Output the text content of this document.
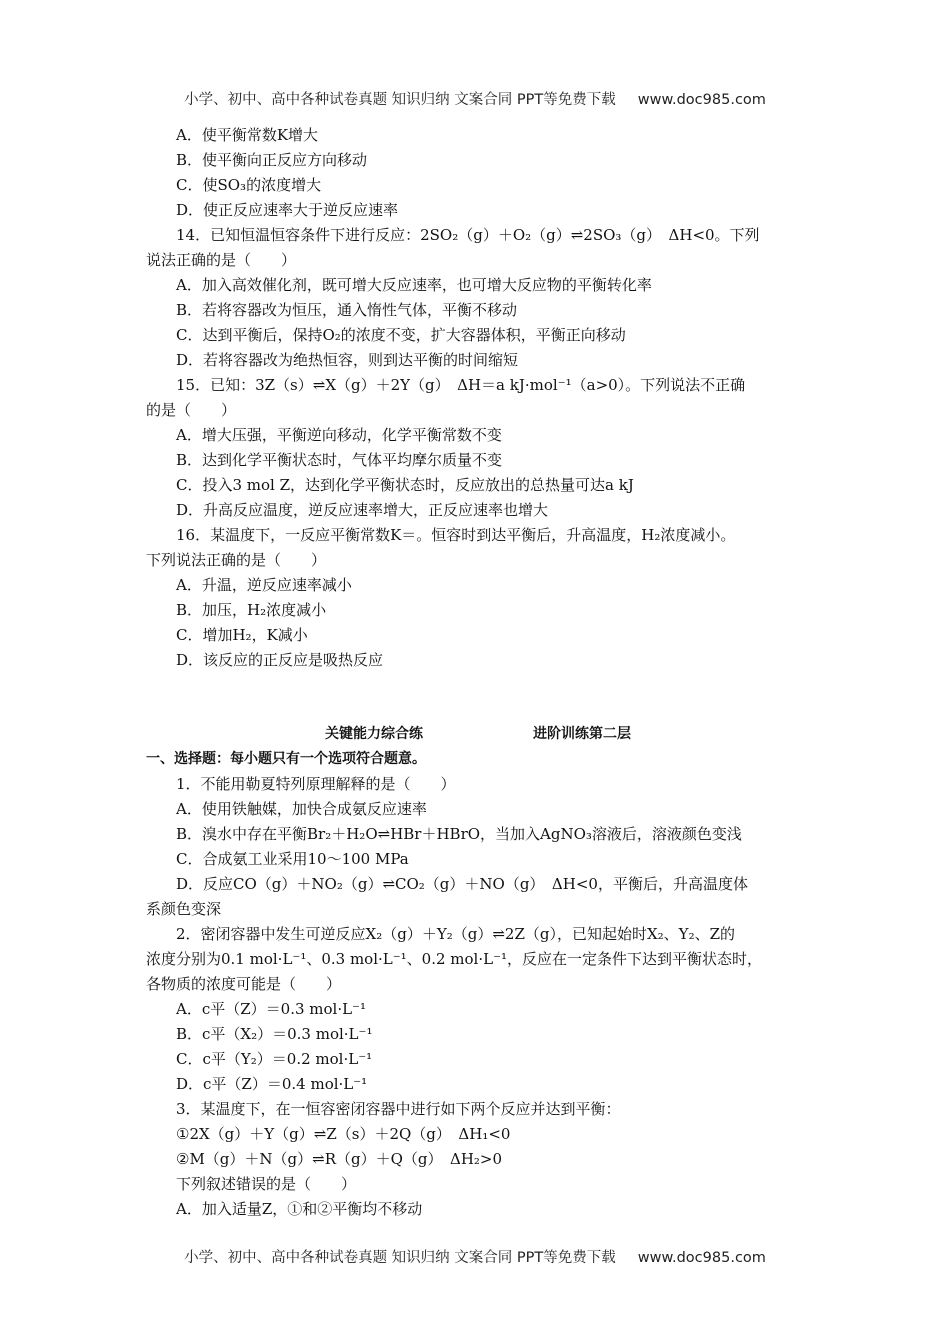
小学、初中、高中各种试卷真题 知识归纳 文案合同 PPT等免费下载 www.doc985.com
A．使平衡常数K增大
B．使平衡向正反应方向移动
C．使SO₃的浓度增大
D．使正反应速率大于逆反应速率
14．已知恒温恒容条件下进行反应：2SO₂（g）＋O₂（g）⇌2SO₃（g）　ΔH<0。下列
说法正确的是（　　）
A．加入高效催化剂，既可增大反应速率，也可增大反应物的平衡转化率
B．若将容器改为恒压，通入惰性气体，平衡不移动
C．达到平衡后，保持O₂的浓度不变，扩大容器体积，平衡正向移动
D．若将容器改为绝热恒容，则到达平衡的时间缩短
15．已知：3Z（s）⇌X（g）＋2Y（g）　ΔH＝a kJ·mol⁻¹（a>0）。下列说法不正确
的是（　　）
A．增大压强，平衡逆向移动，化学平衡常数不变
B．达到化学平衡状态时，气体平均摩尔质量不变
C．投入3 mol Z，达到化学平衡状态时，反应放出的总热量可达a kJ
D．升高反应温度，逆反应速率增大，正反应速率也增大
16．某温度下，一反应平衡常数K＝。恒容时到达平衡后，升高温度，H₂浓度减小。
下列说法正确的是（　　）
A．升温，逆反应速率减小
B．加压，H₂浓度减小
C．增加H₂，K减小
D．该反应的正反应是吸热反应
关键能力综合练	进阶训练第二层
一、选择题：每小题只有一个选项符合题意。
1．不能用勒夏特列原理解释的是（　　）
A．使用铁触媒，加快合成氨反应速率
B．溴水中存在平衡Br₂＋H₂O⇌HBr＋HBrO，当加入AgNO₃溶液后，溶液颜色变浅
C．合成氨工业采用10～100 MPa
D．反应CO（g）＋NO₂（g）⇌CO₂（g）＋NO（g）　ΔH<0，平衡后，升高温度体
系颜色变深
2．密闭容器中发生可逆反应X₂（g）＋Y₂（g）⇌2Z（g），已知起始时X₂、Y₂、Z的
浓度分别为0.1 mol·L⁻¹、0.3 mol·L⁻¹、0.2 mol·L⁻¹，反应在一定条件下达到平衡状态时，
各物质的浓度可能是（　　）
A．c平（Z）＝0.3 mol·L⁻¹
B．c平（X₂）＝0.3 mol·L⁻¹
C．c平（Y₂）＝0.2 mol·L⁻¹
D．c平（Z）＝0.4 mol·L⁻¹
3．某温度下，在一恒容密闭容器中进行如下两个反应并达到平衡：
①2X（g）＋Y（g）⇌Z（s）＋2Q（g）　ΔH₁<0
②M（g）＋N（g）⇌R（g）＋Q（g）　ΔH₂>0
下列叙述错误的是（　　）
A．加入适量Z，①和②平衡均不移动
小学、初中、高中各种试卷真题 知识归纳 文案合同 PPT等免费下载 www.doc985.com
